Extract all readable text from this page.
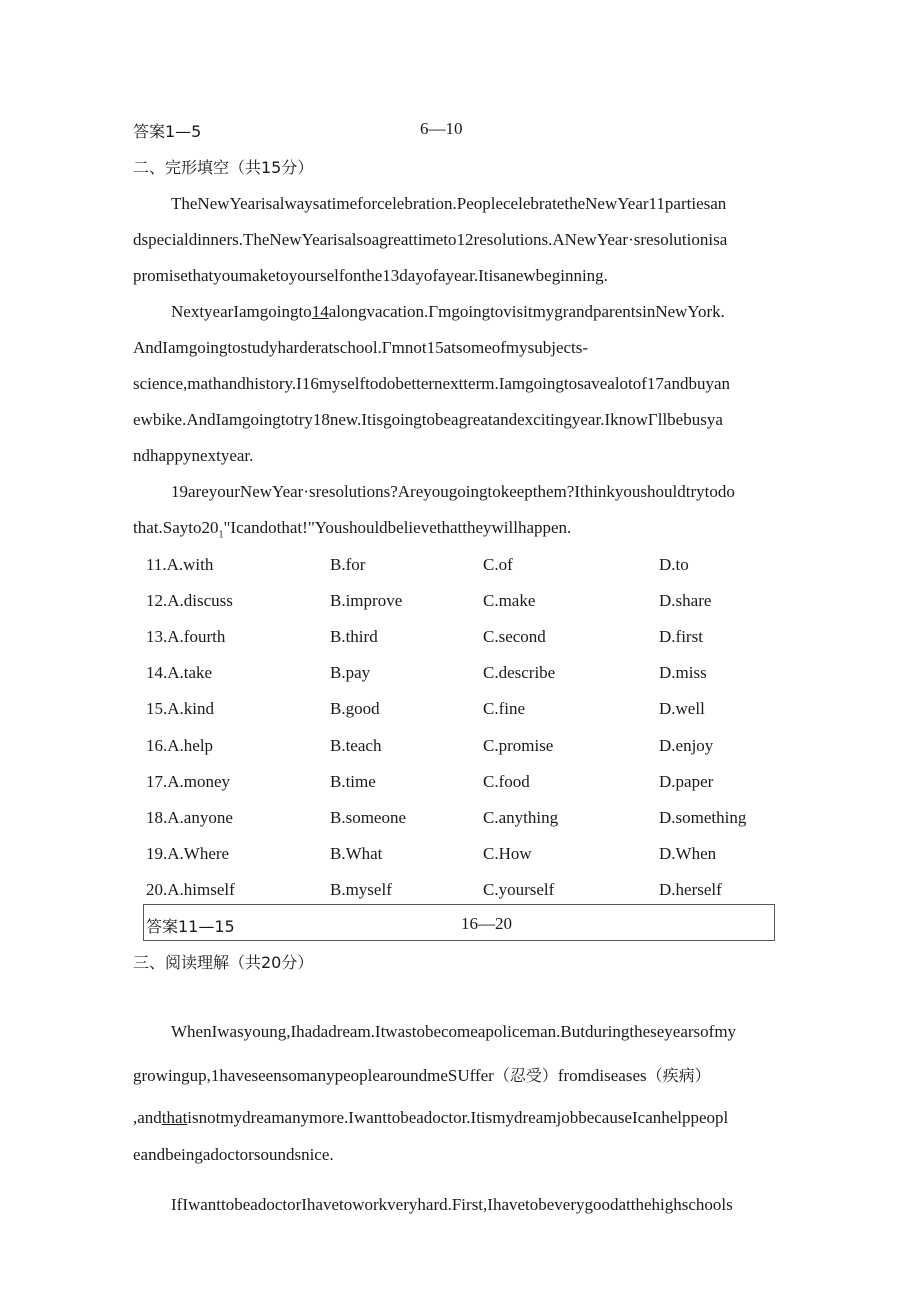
答案1—5	6—10
二、完形填空（共15分）
TheNewYearisalwaysatimeforcelebration.PeoplecelebratetheNewYear11partiesan
dspecialdinners.TheNewYearisalsoagreattimeto12resolutions.ANewYear·sresolutionisa
promisethatyoumaketoyourselfonthe13dayofayear.Itisanewbeginning.
NextyearIamgoingto14alongvacation.ΓmgoingtovisitmygrandparentsinNewYork.
AndIamgoingtostudyharderatschool.Γmnot15atsomeofmysubjects-
science,mathandhistory.I16myselftodobetternextterm.Iamgoingtosavealotof17andbuyan
ewbike.AndIamgoingtotry18new.Itisgoingtobeagreatandexcitingyear.IknowΓllbebusya
ndhappynextyear.
19areyourNewYear·sresolutions?Areyougoingtokeepthem?Ithinkyoushouldtrytodo
$that.Sayto20_1"Icandothat!"Youshouldbelievethattheywillhappen$.
11.A.with	B.for	C.of	D.to
12.A.discuss	B.improve	C.make	D.share
13.A.fourth	B.third	C.second	D.first
14.A.take	B.pay	C.describe	D.miss
15.A.kind	B.good	C.fine	D.well
16.A.help	B.teach	C.promise	D.enjoy
17.A.money	B.time	C.food	D.paper
18.A.anyone	B.someone	C.anything	D.something
19.A.Where	B.What	C.How	D.When
20.A.himself	B.myself	C.yourself	D.herself
答案11—15	16—20
三、阅读理解（共20分）
WhenIwasyoung,Ihadadream.Itwastobecomeapoliceman.Butduringtheseyearsofmy
growingup,1haveseensomanypeoplearoundmeSUffer（忍受）fromdiseases（疾病）
,andthatisnotmydreamanymore.Iwanttobeadoctor.ItismydreamjobbecauseIcanhelppeopl
eandbeingadoctorsoundsnice.
IfIwanttobeadoctorIhavetoworkveryhard.First,Ihavetobeverygoodatthehighschools
